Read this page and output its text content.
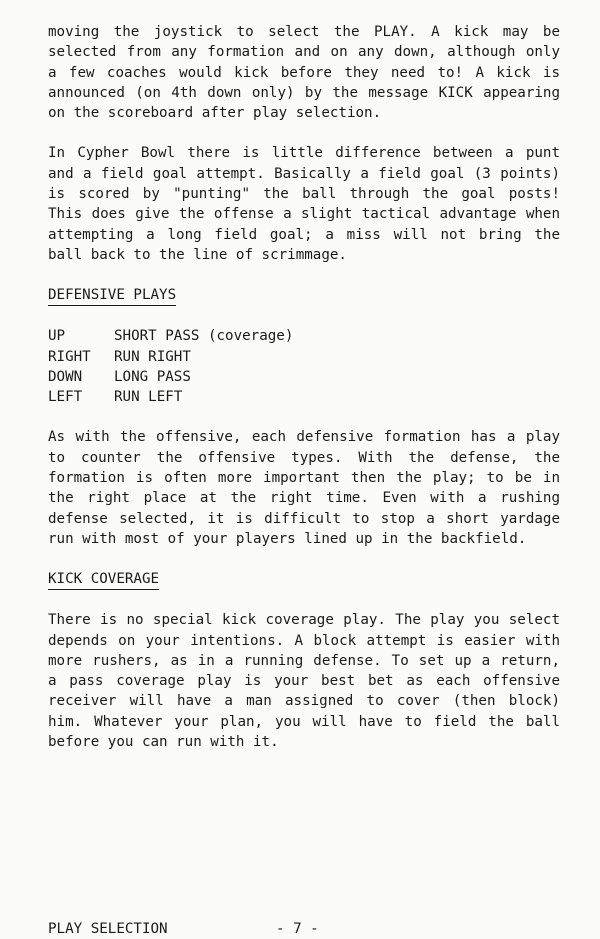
moving the joystick to select the PLAY. A kick may be selected from any formation and on any down, although only a few coaches would kick before they need to! A kick is announced (on 4th down only) by the message KICK appearing on the scoreboard after play selection.

In Cypher Bowl there is little difference between a punt and a field goal attempt. Basically a field goal (3 points) is scored by "punting" the ball through the goal posts! This does give the offense a slight tactical advantage when attempting a long field goal; a miss will not bring the ball back to the line of scrimmage.

DEFENSIVE PLAYS
UP	SHORT PASS (coverage)
RIGHT	RUN RIGHT
DOWN	LONG PASS
LEFT	RUN LEFT

As with the offensive, each defensive formation has a play to counter the offensive types. With the defense, the formation is often more important then the play; to be in the right place at the right time. Even with a rushing defense selected, it is difficult to stop a short yardage run with most of your players lined up in the backfield.

KICK COVERAGE

There is no special kick coverage play. The play you select depends on your intentions. A block attempt is easier with more rushers, as in a running defense. To set up a return, a pass coverage play is your best bet as each offensive receiver will have a man assigned to cover (then block) him. Whatever your plan, you will have to field the ball before you can run with it.

PLAY SELECTION	- 7 -
